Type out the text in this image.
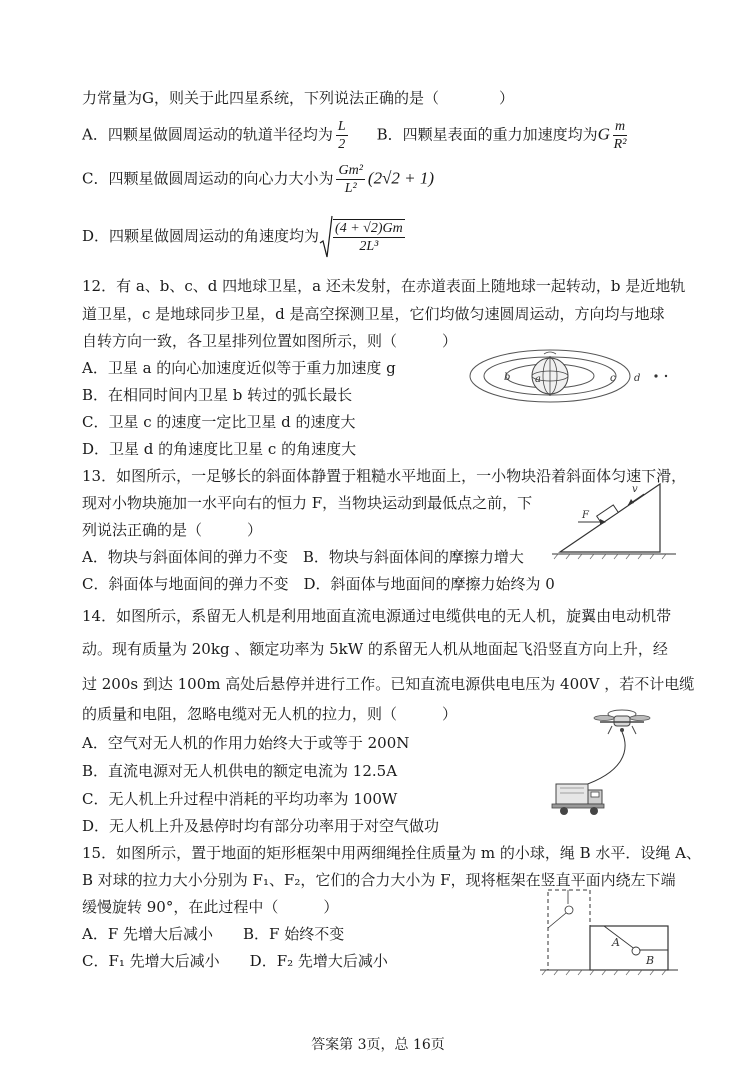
力常量为G，则关于此四星系统，下列说法正确的是（　　　　）
A．四颗星做圆周运动的轨道半径均为 $\frac{L}{2}$ B．四颗星表面的重力加速度均为G $\frac{m}{\text{R²}}$
C．四颗星做圆周运动的向心力大小为 $\frac{\text{Gm²}}{\text{L²}} (2√2 + 1)$
D．四颗星做圆周运动的角速度均为 $\frac{(4 + √2)Gm}{\text{2L³}}$
12．有 a、b、c、d 四地球卫星，a 还未发射，在赤道表面上随地球一起转动，b 是近地轨
道卫星，c 是地球同步卫星，d 是高空探测卫星，它们均做匀速圆周运动，方向均与地球
自转方向一致，各卫星排列位置如图所示，则（　　　）
A．卫星 a 的向心加速度近似等于重力加速度 g
B．在相同时间内卫星 b 转过的弧长最长
C．卫星 c 的速度一定比卫星 d 的速度大
D．卫星 d 的角速度比卫星 c 的角速度大
b a	c d
13．如图所示，一足够长的斜面体静置于粗糙水平地面上，一小物块沿着斜面体匀速下滑，
现对小物块施加一水平向右的恒力 F，当物块运动到最低点之前，下
列说法正确的是（　　　）
A．物块与斜面体间的弹力不变　B．物块与斜面体间的摩擦力增大
C．斜面体与地面间的弹力不变　D．斜面体与地面间的摩擦力始终为 0
F
v
14．如图所示，系留无人机是利用地面直流电源通过电缆供电的无人机，旋翼由电动机带
动。现有质量为 20kg 、额定功率为 5kW 的系留无人机从地面起飞沿竖直方向上升，经
过 200s 到达 100m 高处后悬停并进行工作。已知直流电源供电电压为 400V ，若不计电缆
的质量和电阻，忽略电缆对无人机的拉力，则（　　　）
A．空气对无人机的作用力始终大于或等于 200N
B．直流电源对无人机供电的额定电流为 12.5A
C．无人机上升过程中消耗的平均功率为 100W
D．无人机上升及悬停时均有部分功率用于对空气做功
15．如图所示，置于地面的矩形框架中用两细绳拴住质量为 m 的小球，绳 B 水平．设绳 A、
B 对球的拉力大小分别为 F₁、F₂，它们的合力大小为 F，现将框架在竖直平面内绕左下端
缓慢旋转 90°，在此过程中（　　　）
A．F 先增大后减小　　B．F 始终不变
C．F₁ 先增大后减小　　D．F₂ 先增大后减小
A
B
答案第 3页，总 16页
